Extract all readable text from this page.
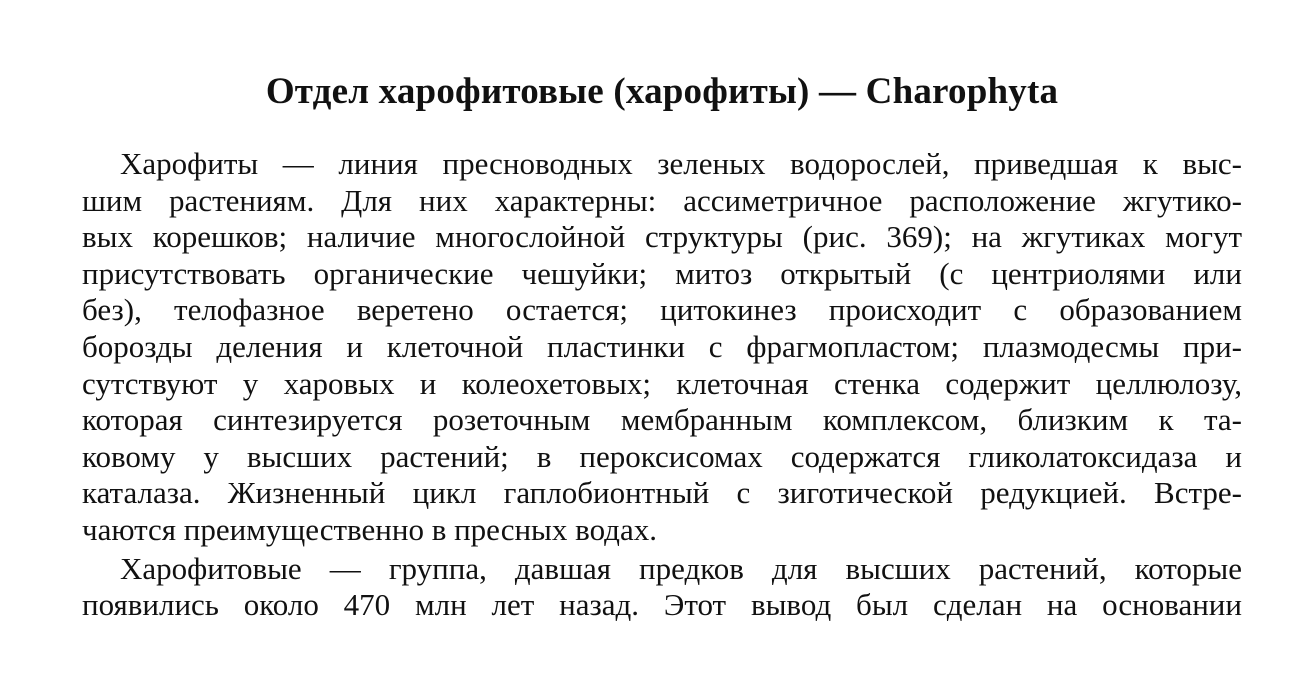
Отдел харофитовые (харофиты) — Charophyta
Харофиты — линия пресноводных зеленых водорослей, приведшая к выс-
шим растениям. Для них характерны: ассиметричное расположение жгутико-
вых корешков; наличие многослойной структуры (рис. 369); на жгутиках могут
присутствовать органические чешуйки; митоз открытый (с центриолями или
без), телофазное веретено остается; цитокинез происходит с образованием
борозды деления и клеточной пластинки с фрагмопластом; плазмодесмы при-
сутствуют у харовых и колеохетовых; клеточная стенка содержит целлюлозу,
которая синтезируется розеточным мембранным комплексом, близким к та-
ковому у высших растений; в пероксисомах содержатся гликолатоксидаза и
каталаза. Жизненный цикл гаплобионтный с зиготической редукцией. Встре-
чаются преимущественно в пресных водах.
Харофитовые — группа, давшая предков для высших растений, которые
появились около 470 млн лет назад. Этот вывод был сделан на основании
